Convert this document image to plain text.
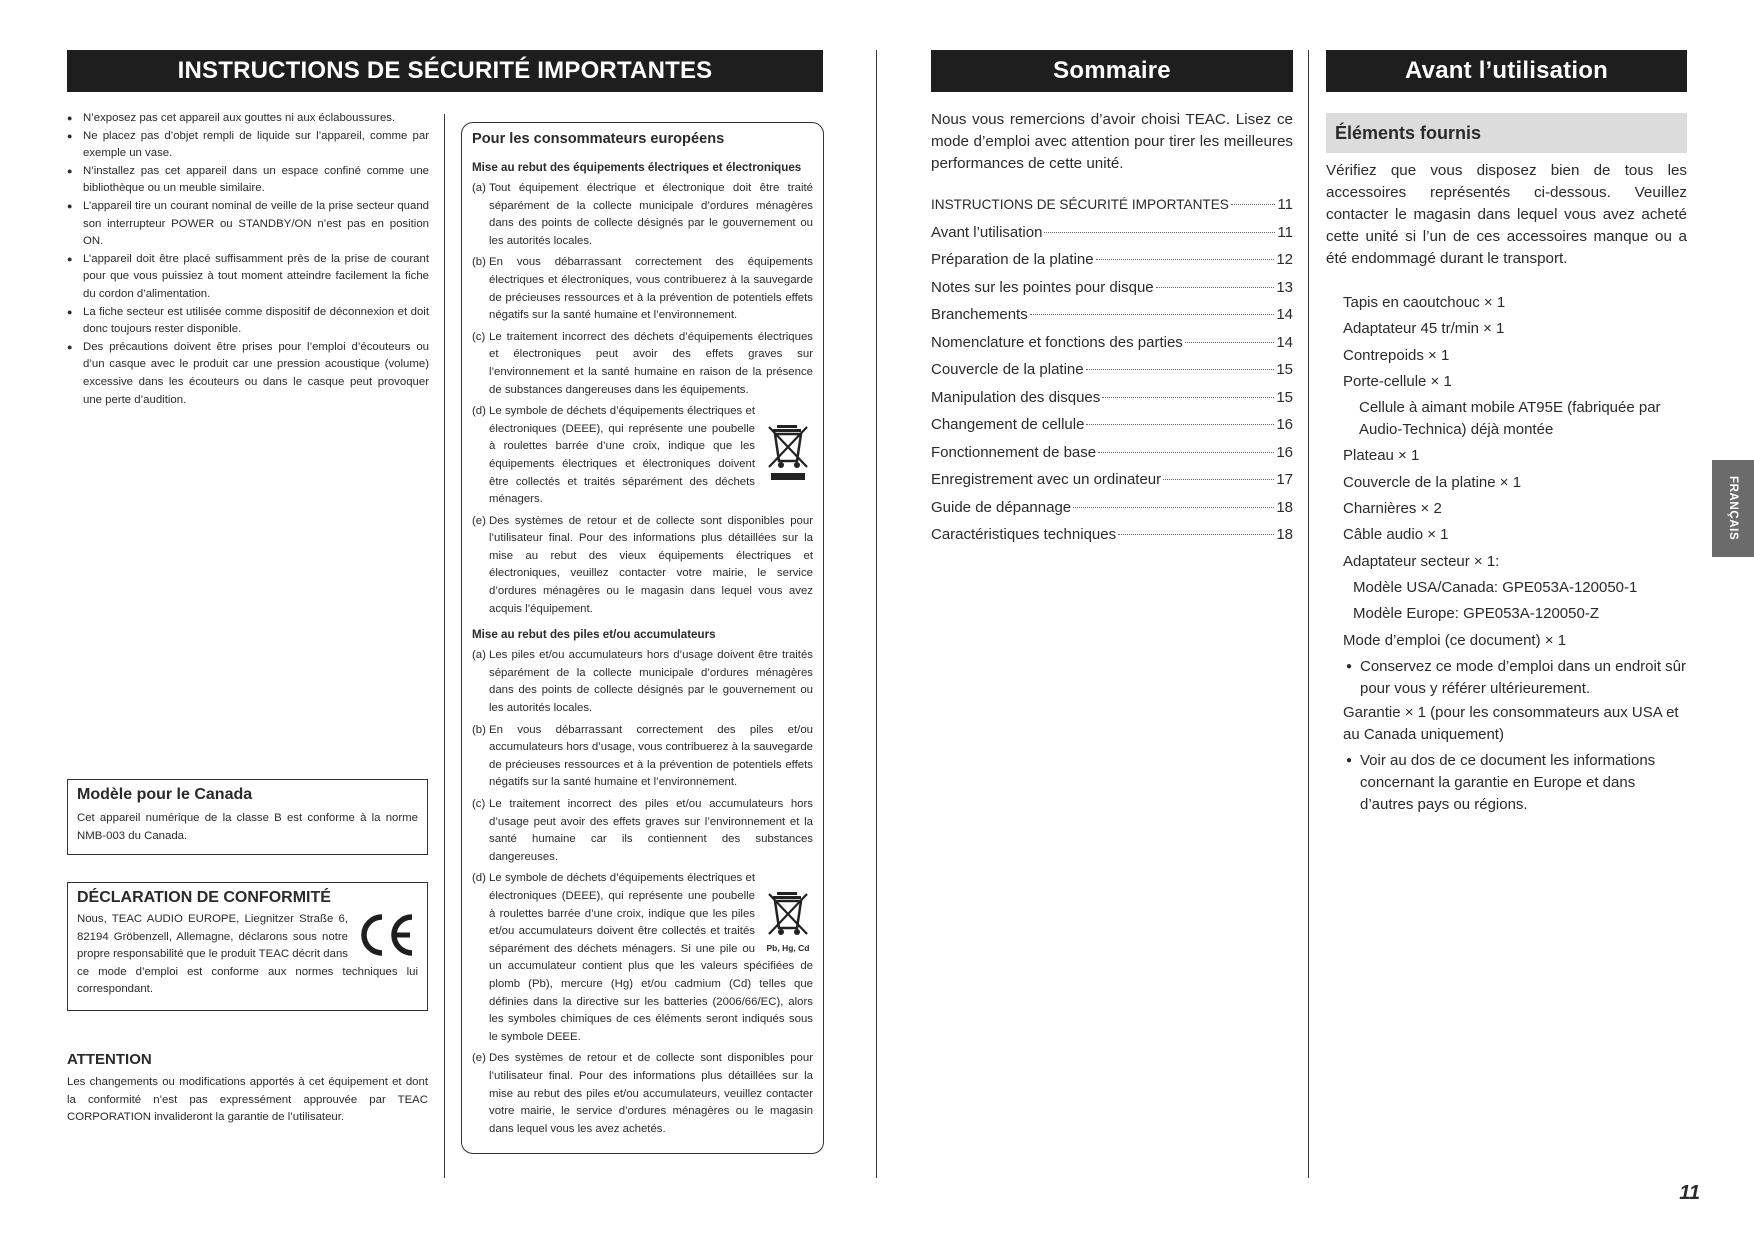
INSTRUCTIONS DE SÉCURITÉ IMPORTANTES	Sommaire	Avant l’utilisation
● N’exposez pas cet appareil aux gouttes ni aux éclaboussures.
● Ne placez pas d’objet rempli de liquide sur l’appareil, comme par exemple un vase.
● N’installez pas cet appareil dans un espace confiné comme une bibliothèque ou un meuble similaire.
● L’appareil tire un courant nominal de veille de la prise secteur quand son interrupteur POWER ou STANDBY/ON n’est pas en position ON.
● L’appareil doit être placé suffisamment près de la prise de courant pour que vous puissiez à tout moment atteindre facilement la fiche du cordon d’alimentation.
● La fiche secteur est utilisée comme dispositif de déconnexion et doit donc toujours rester disponible.
● Des précautions doivent être prises pour l’emploi d’écouteurs ou d’un casque avec le produit car une pression acoustique (volume) excessive dans les écouteurs ou dans le casque peut provoquer une perte d’audition.
Modèle pour le Canada
Cet appareil numérique de la classe B est conforme à la norme NMB-003 du Canada.
DÉCLARATION DE CONFORMITÉ
Nous, TEAC AUDIO EUROPE, Liegnitzer Straße 6, 82194 Gröbenzell, Allemagne, déclarons sous notre propre responsabilité que le produit TEAC décrit dans ce mode d’emploi est conforme aux normes techniques lui correspondant.
ATTENTION
Les changements ou modifications apportés à cet équipement et dont la conformité n’est pas expressément approuvée par TEAC CORPORATION invalideront la garantie de l’utilisateur.
Pour les consommateurs européens
Mise au rebut des équipements électriques et électroniques
(a) Tout équipement électrique et électronique doit être traité séparément de la collecte municipale d’ordures ménagères dans des points de collecte désignés par le gouvernement ou les autorités locales.
(b) En vous débarrassant correctement des équipements électriques et électroniques, vous contribuerez à la sauvegarde de précieuses ressources et à la prévention de potentiels effets négatifs sur la santé humaine et l’environnement.
(c) Le traitement incorrect des déchets d’équipements électriques et électroniques peut avoir des effets graves sur l’environnement et la santé humaine en raison de la présence de substances dangereuses dans les équipements.
(d) Le symbole de déchets d’équipements électriques et électroniques (DEEE), qui représente une poubelle à roulettes barrée d’une croix, indique que les équipements électriques et électroniques doivent être collectés et traités séparément des déchets ménagers.
(e) Des systèmes de retour et de collecte sont disponibles pour l’utilisateur final. Pour des informations plus détaillées sur la mise au rebut des vieux équipements électriques et électroniques, veuillez contacter votre mairie, le service d’ordures ménagères ou le magasin dans lequel vous avez acquis l’équipement.
Mise au rebut des piles et/ou accumulateurs
(a) Les piles et/ou accumulateurs hors d’usage doivent être traités séparément de la collecte municipale d’ordures ménagères dans des points de collecte désignés par le gouvernement ou les autorités locales.
(b) En vous débarrassant correctement des piles et/ou accumulateurs hors d’usage, vous contribuerez à la sauvegarde de précieuses ressources et à la prévention de potentiels effets négatifs sur la santé humaine et l’environnement.
(c) Le traitement incorrect des piles et/ou accumulateurs hors d’usage peut avoir des effets graves sur l’environnement et la santé humaine car ils contiennent des substances dangereuses.
(d)
Pb, Hg, Cd
Le symbole de déchets d’équipements électriques et électroniques (DEEE), qui représente une poubelle à roulettes barrée d’une croix, indique que les piles et/ou accumulateurs doivent être collectés et traités séparément des déchets ménagers. Si une pile ou un accumulateur contient plus que les valeurs spécifiées de plomb (Pb), mercure (Hg) et/ou cadmium (Cd) telles que définies dans la directive sur les batteries (2006/66/EC), alors les symboles chimiques de ces éléments seront indiqués sous le symbole DEEE.
(e) Des systèmes de retour et de collecte sont disponibles pour l’utilisateur final. Pour des informations plus détaillées sur la mise au rebut des piles et/ou accumulateurs, veuillez contacter votre mairie, le service d’ordures ménagères ou le magasin dans lequel vous les avez achetés.
Nous vous remercions d’avoir choisi TEAC. Lisez ce mode d’emploi avec attention pour tirer les meilleures performances de cette unité.
INSTRUCTIONS DE SÉCURITÉ IMPORTANTES	11
Avant l’utilisation	11
Préparation de la platine	12
Notes sur les pointes pour disque	13
Branchements	14
Nomenclature et fonctions des parties	14
Couvercle de la platine	15
Manipulation des disques	15
Changement de cellule	16
Fonctionnement de base	16
Enregistrement avec un ordinateur	17
Guide de dépannage	18
Caractéristiques techniques	18
Éléments fournis
Vérifiez que vous disposez bien de tous les accessoires représentés ci-dessous. Veuillez contacter le magasin dans lequel vous avez acheté cette unité si l’un de ces accessoires manque ou a été endommagé durant le transport.
Tapis en caoutchouc × 1
Adaptateur 45 tr/min × 1
Contrepoids × 1
Porte-cellule × 1
Cellule à aimant mobile AT95E (fabriquée par Audio-Technica) déjà montée
Plateau × 1
Couvercle de la platine × 1
Charnières × 2
Câble audio × 1
Adaptateur secteur × 1:
Modèle USA/Canada: GPE053A-120050-1
Modèle Europe: GPE053A-120050-Z
Mode d’emploi (ce document) × 1
● Conservez ce mode d’emploi dans un endroit sûr pour vous y référer ultérieurement.
Garantie × 1 (pour les consommateurs aux USA et au Canada uniquement)
● Voir au dos de ce document les informations concernant la garantie en Europe et dans d’autres pays ou régions.
FRANÇAIS
11
